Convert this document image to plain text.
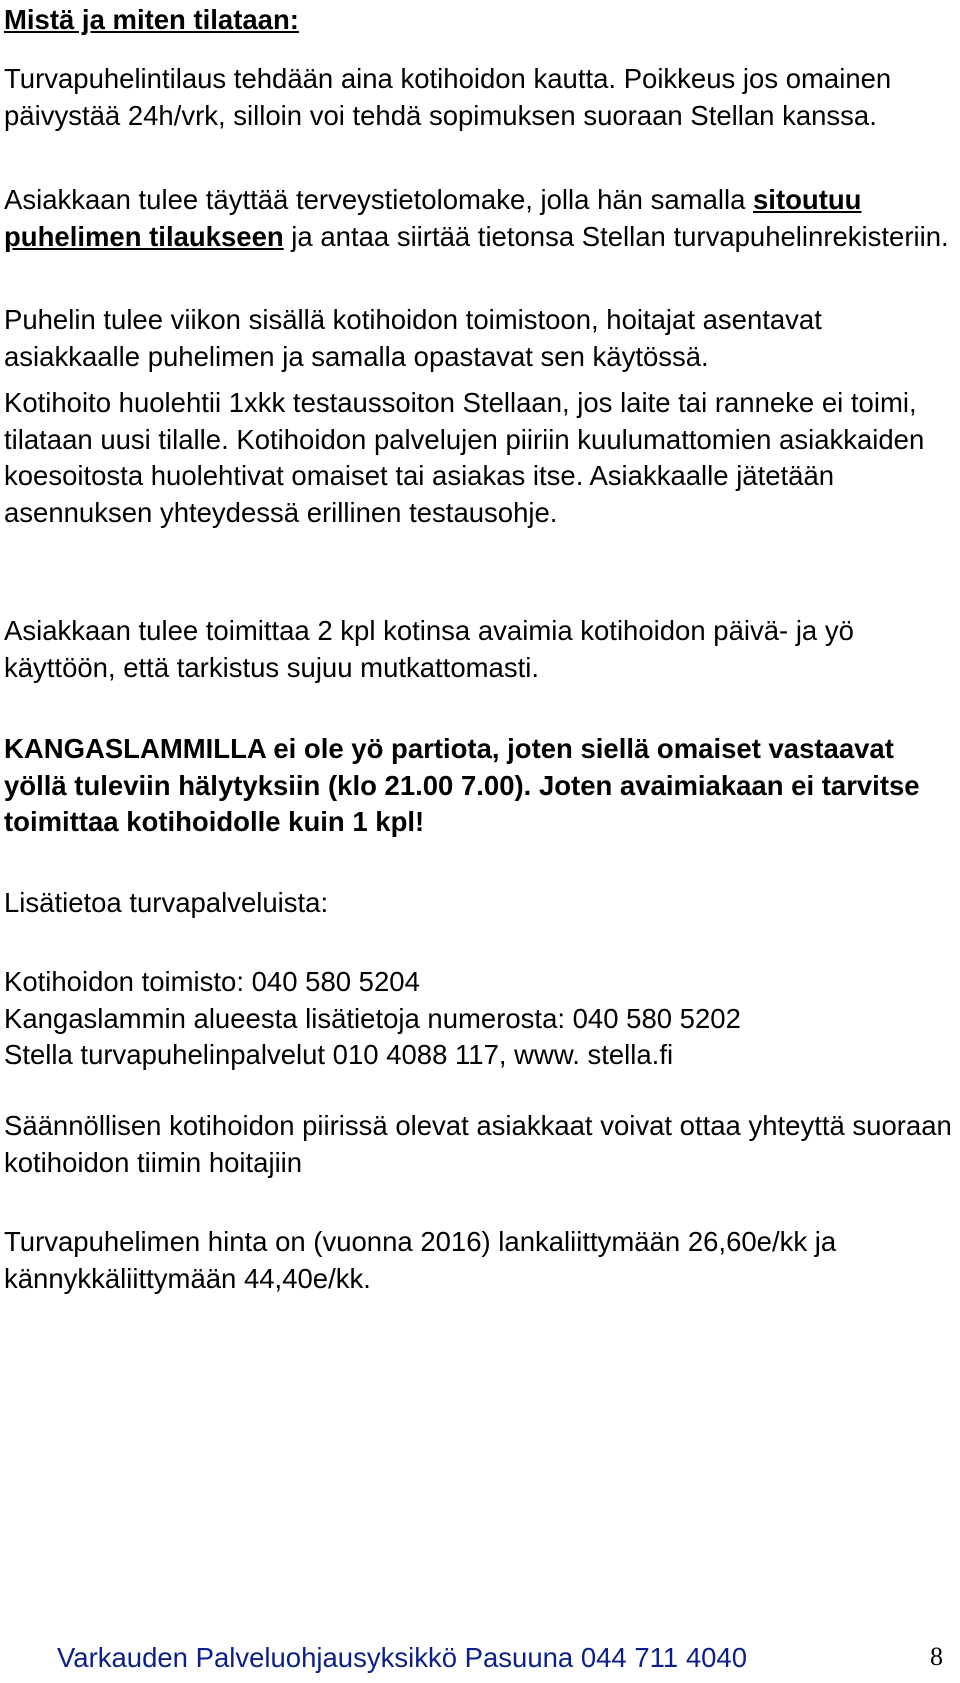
Mistä ja miten tilataan:

Turvapuhelintilaus tehdään aina kotihoidon kautta. Poikkeus jos omainen päivystää 24h/vrk, silloin voi tehdä sopimuksen suoraan Stellan kanssa.

Asiakkaan tulee täyttää terveystietolomake, jolla hän samalla sitoutuu puhelimen tilaukseen ja antaa siirtää tietonsa Stellan turvapuhelinrekisteriin.

Puhelin tulee viikon sisällä kotihoidon toimistoon, hoitajat asentavat asiakkaalle puhelimen ja samalla opastavat sen käytössä.

Kotihoito huolehtii 1xkk testaussoiton Stellaan, jos laite tai ranneke ei toimi, tilataan uusi tilalle. Kotihoidon palvelujen piiriin kuulumattomien asiakkaiden koesoitosta huolehtivat omaiset tai asiakas itse. Asiakkaalle jätetään asennuksen yhteydessä erillinen testausohje.

Asiakkaan tulee toimittaa 2 kpl kotinsa avaimia kotihoidon päivä- ja yö käyttöön, että tarkistus sujuu mutkattomasti.

KANGASLAMMILLA ei ole yö partiota, joten siellä omaiset vastaavat yöllä tuleviin hälytyksiin (klo 21.00 7.00). Joten avaimiakaan ei tarvitse toimittaa kotihoidolle kuin 1 kpl!

Lisätietoa turvapalveluista:

Kotihoidon toimisto: 040 580 5204
Kangaslammin alueesta lisätietoja numerosta: 040 580 5202
Stella turvapuhelinpalvelut 010 4088 117, www. stella.fi

Säännöllisen kotihoidon piirissä olevat asiakkaat voivat ottaa yhteyttä suoraan kotihoidon tiimin hoitajiin

Turvapuhelimen hinta on (vuonna 2016) lankaliittymään 26,60e/kk ja kännykkäliittymään 44,40e/kk.

Varkauden Palveluohjausyksikkö Pasuuna 044 711 4040	8
